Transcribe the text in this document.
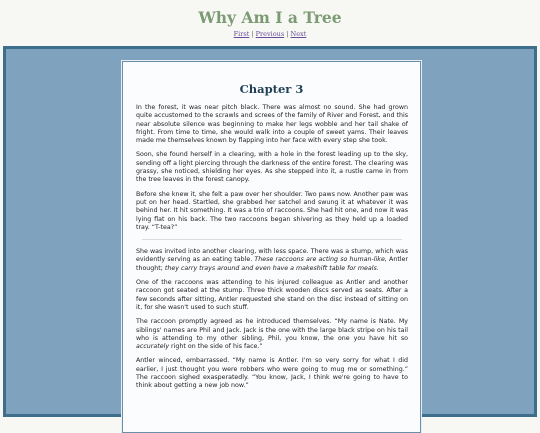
Why Am I a Tree
First | Previous | Next
Chapter 3

In the forest, it was near pitch black. There was almost no sound. She had grown quite accustomed to the scrawls and screes of the family of River and Forest, and this near absolute silence was beginning to make her legs wobble and her tail shake of fright. From time to time, she would walk into a couple of sweet yams. Their leaves made me themselves known by flapping into her face with every step she took.

Soon, she found herself in a clearing, with a hole in the forest leading up to the sky, sending off a light piercing through the darkness of the entire forest. The clearing was grassy, she noticed, shielding her eyes. As she stepped into it, a rustle came in from the tree leaves in the forest canopy.

Before she knew it, she felt a paw over her shoulder. Two paws now. Another paw was put on her head. Startled, she grabbed her satchel and swung it at whatever it was behind her. It hit something. It was a trio of raccoons. She had hit one, and now it was lying flat on his back. The two raccoons began shivering as they held up a loaded tray. “T-tea?”

She was invited into another clearing, with less space. There was a stump, which was evidently serving as an eating table. These raccoons are acting so human-like, Antler thought; they carry trays around and even have a makeshift table for meals.

One of the raccoons was attending to his injured colleague as Antler and another raccoon got seated at the stump. Three thick wooden discs served as seats. After a few seconds after sitting, Antler requested she stand on the disc instead of sitting on it, for she wasn't used to such stuff.

The raccoon promptly agreed as he introduced themselves. “My name is Nate. My siblings' names are Phil and Jack. Jack is the one with the large black stripe on his tail who is attending to my other sibling, Phil, you know, the one you have hit so accurately right on the side of his face.”

Antler winced, embarrassed. “My name is Antler. I'm so very sorry for what I did earlier, I just thought you were robbers who were going to mug me or something.” The raccoon sighed exasperatedly. “You know, Jack, I think we're going to have to think about getting a new job now.”
